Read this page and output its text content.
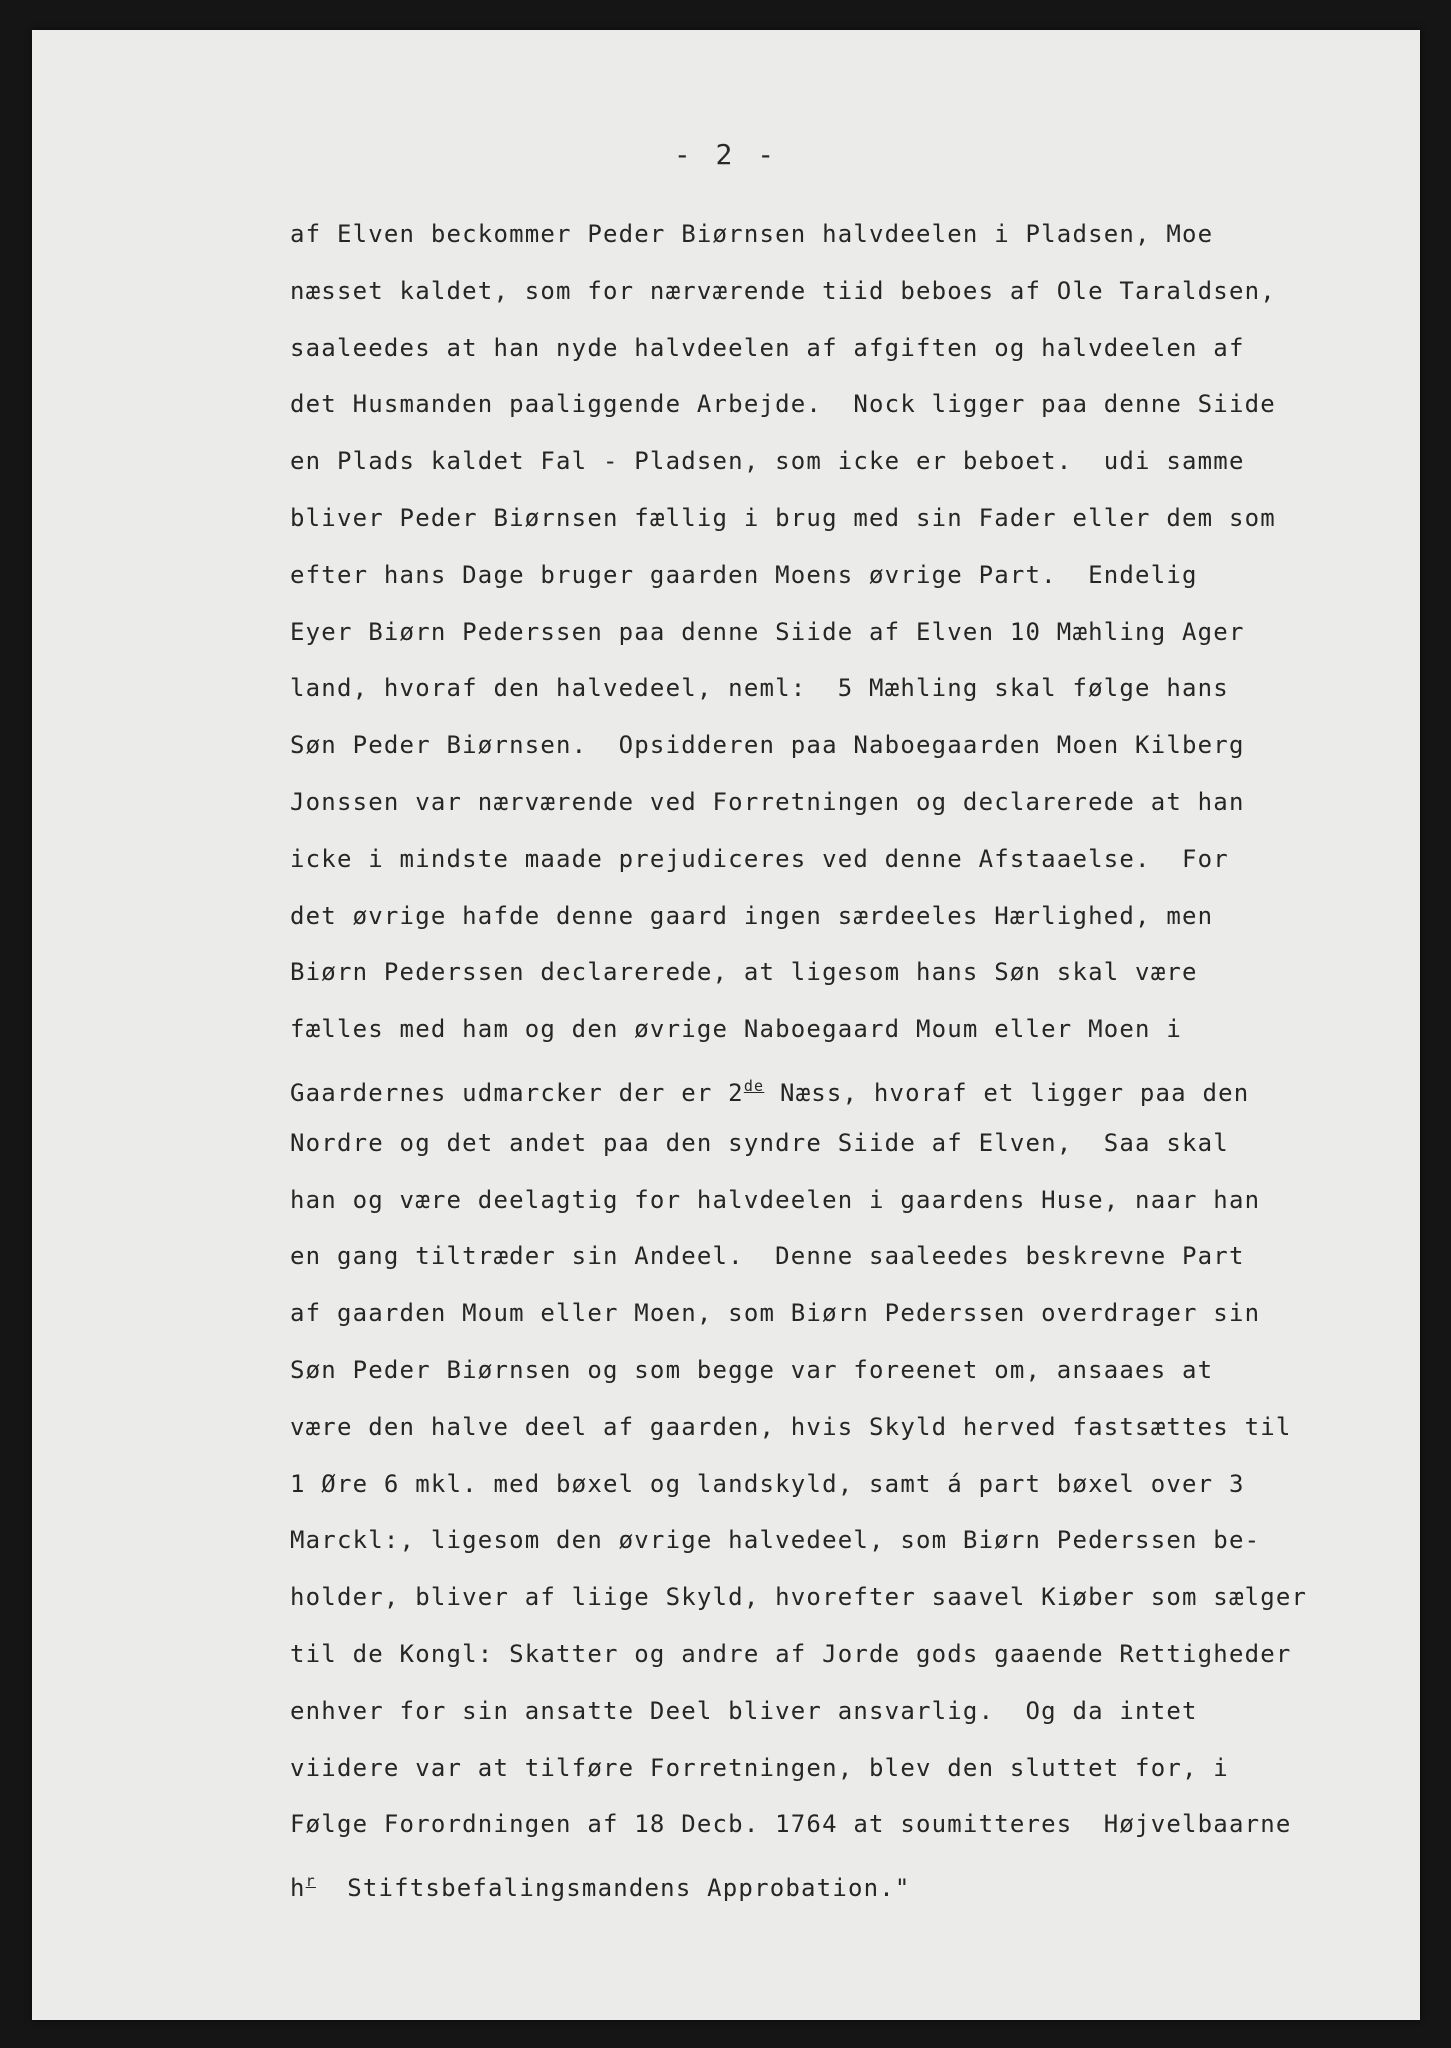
- 2 -
af Elven beckommer Peder Biørnsen halvdeelen i Pladsen, Moe
næsset kaldet, som for nærværende tiid beboes af Ole Taraldsen,
saaleedes at han nyde halvdeelen af afgiften og halvdeelen af
det Husmanden paaliggende Arbejde.  Nock ligger paa denne Siide
en Plads kaldet Fal - Pladsen, som icke er beboet.  udi samme
bliver Peder Biørnsen fællig i brug med sin Fader eller dem som
efter hans Dage bruger gaarden Moens øvrige Part.  Endelig
Eyer Biørn Pederssen paa denne Siide af Elven 10 Mæhling Ager
land, hvoraf den halvedeel, neml:  5 Mæhling skal følge hans
Søn Peder Biørnsen.  Opsidderen paa Naboegaarden Moen Kilberg
Jonssen var nærværende ved Forretningen og declarerede at han
icke i mindste maade prejudiceres ved denne Afstaaelse.  For
det øvrige hafde denne gaard ingen særdeeles Hærlighed, men
Biørn Pederssen declarerede, at ligesom hans Søn skal være
fælles med ham og den øvrige Naboegaard Moum eller Moen i
Gaardernes udmarcker der er 2de Næss, hvoraf et ligger paa den
Nordre og det andet paa den syndre Siide af Elven,  Saa skal
han og være deelagtig for halvdeelen i gaardens Huse, naar han
en gang tiltræder sin Andeel.  Denne saaleedes beskrevne Part
af gaarden Moum eller Moen, som Biørn Pederssen overdrager sin
Søn Peder Biørnsen og som begge var foreenet om, ansaaes at
være den halve deel af gaarden, hvis Skyld herved fastsættes til
1 Øre 6 mkl. med bøxel og landskyld, samt á part bøxel over 3
Marckl:, ligesom den øvrige halvedeel, som Biørn Pederssen be-
holder, bliver af liige Skyld, hvorefter saavel Kiøber som sælger
til de Kongl: Skatter og andre af Jorde gods gaaende Rettigheder
enhver for sin ansatte Deel bliver ansvarlig.  Og da intet
viidere var at tilføre Forretningen, blev den sluttet for, i
Følge Forordningen af 18 Decb. 1764 at soumitteres  Højvelbaarne
$h^r$  Stiftsbefalingsmandens Approbation."
